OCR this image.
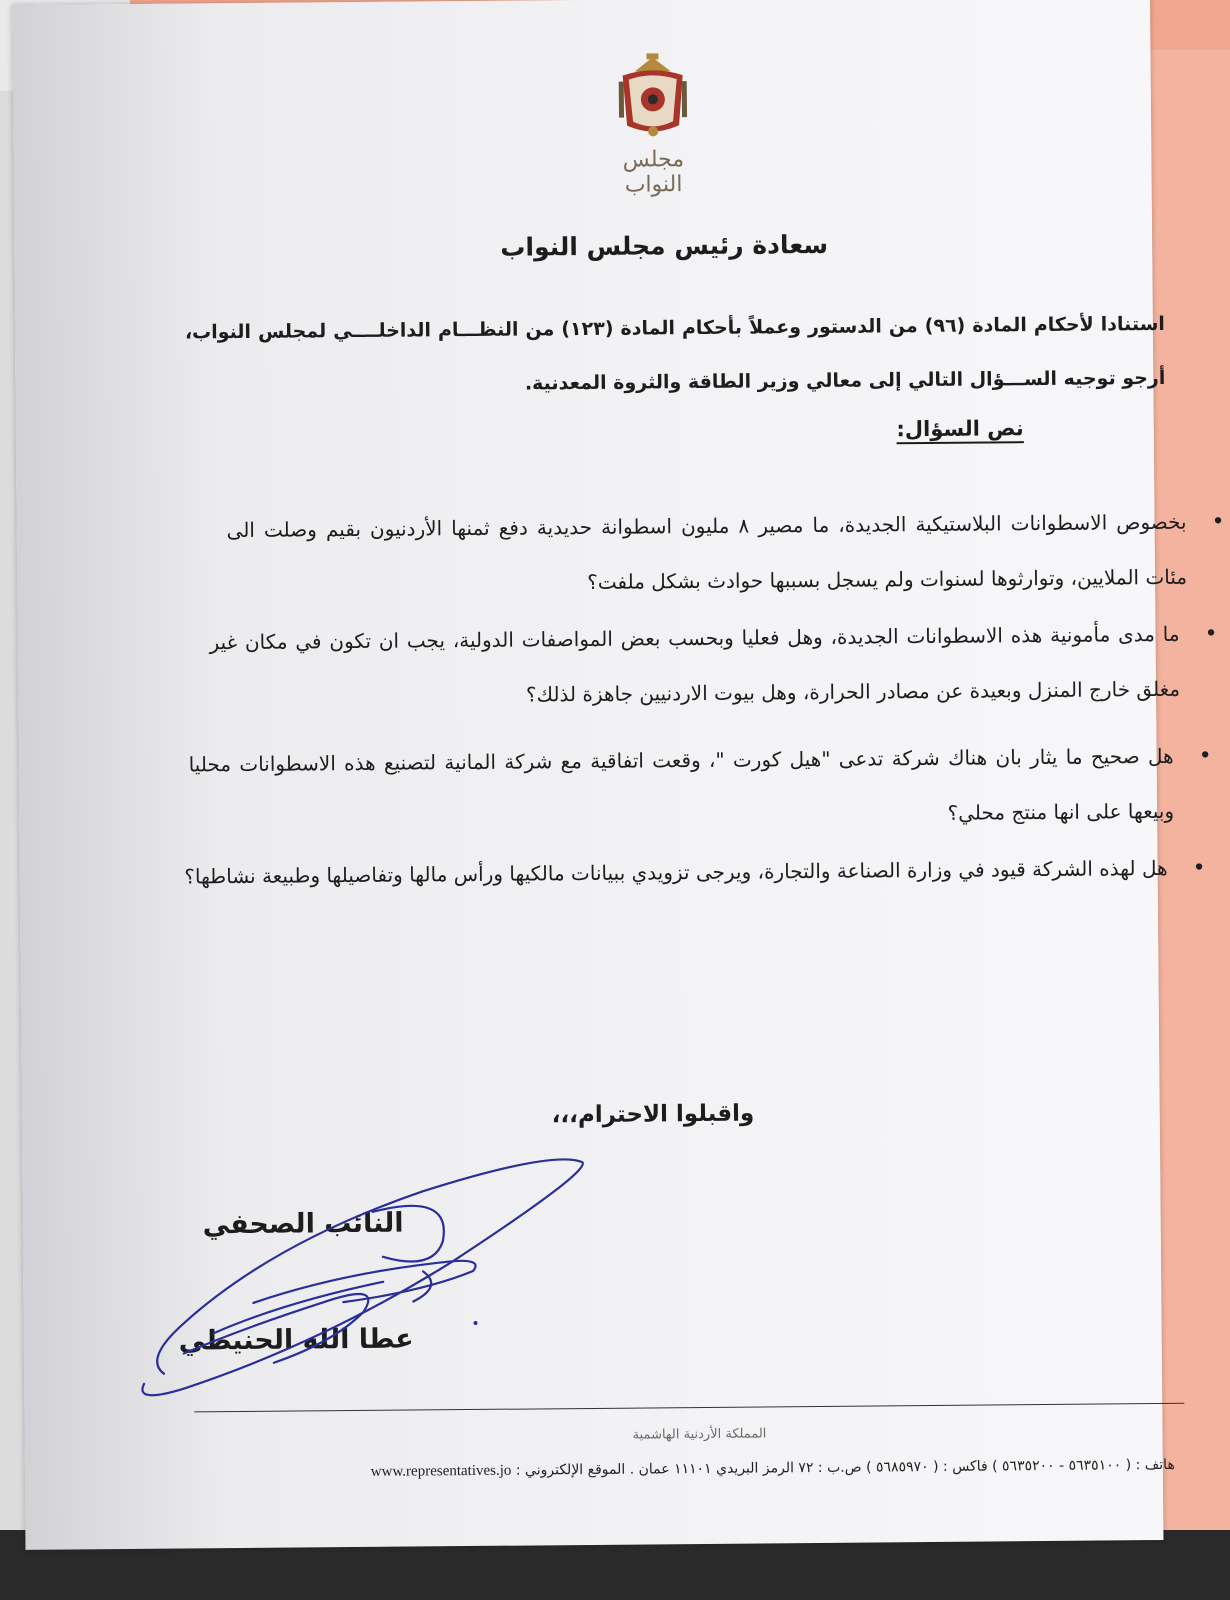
مجلس النواب
سعادة رئيس مجلس النواب
استنادا لأحكام المادة (٩٦) من الدستور وعملاً بأحكام المادة (١٢٣) من النظـــام الداخلــــي لمجلس النواب، أرجو توجيه الســـؤال التالي إلى معالي وزير الطاقة والثروة المعدنية.
نص السؤال:
•
بخصوص الاسطوانات البلاستيكية الجديدة، ما مصير ٨ مليون اسطوانة حديدية دفع ثمنها الأردنيون بقيم وصلت الى مئات الملايين، وتوارثوها لسنوات ولم يسجل بسببها حوادث بشكل ملفت؟
•
ما مدى مأمونية هذه الاسطوانات الجديدة، وهل فعليا وبحسب بعض المواصفات الدولية، يجب ان تكون في مكان غير مغلق خارج المنزل وبعيدة عن مصادر الحرارة، وهل بيوت الاردنيين جاهزة لذلك؟
•
هل صحيح ما يثار بان هناك شركة تدعى "هيل كورت "، وقعت اتفاقية مع شركة المانية لتصنيع هذه الاسطوانات محليا وبيعها على انها منتج محلي؟
•
هل لهذه الشركة قيود في وزارة الصناعة والتجارة، ويرجى تزويدي ببيانات مالكيها ورأس مالها وتفاصيلها وطبيعة نشاطها؟
واقبلوا الاحترام،،،
النائب الصحفي
عطا الله الحنيطي
المملكة الأردنية الهاشمية
هاتف : ( ٥٦٣٥١٠٠ - ٥٦٣٥٢٠٠ ) فاكس : ( ٥٦٨٥٩٧٠ ) ص.ب : ٧٢ الرمز البريدي ١١١٠١ عمان . الموقع الإلكتروني : www.representatives.jo
